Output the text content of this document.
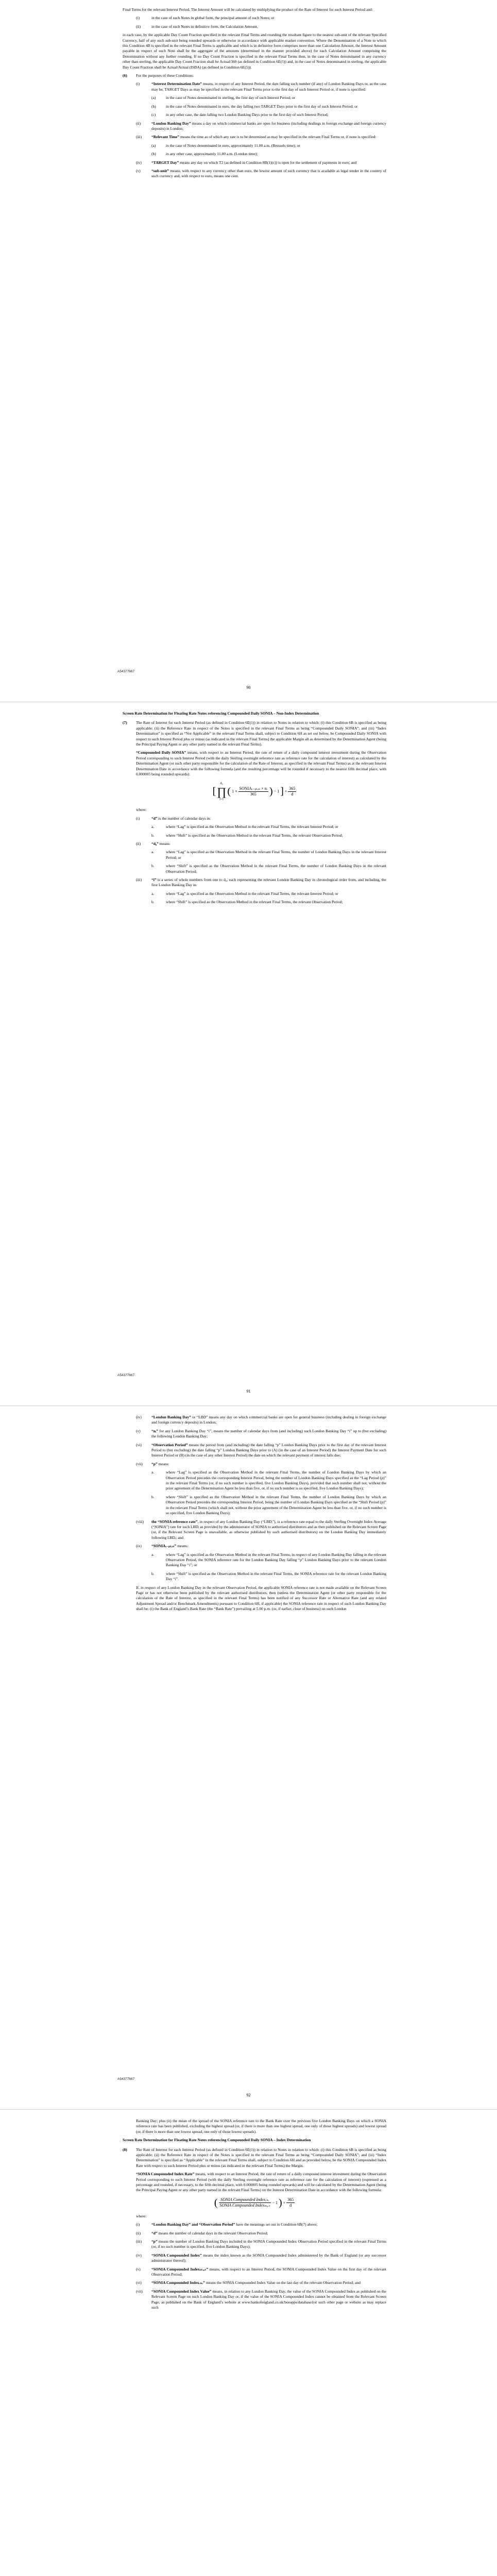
Final Terms for the relevant Interest Period. The Interest Amount will be calculated by multiplying the product of the Rate of Interest for such Interest Period and:

(i)	in the case of such Notes in global form, the principal amount of such Notes; or
(ii)	in the case of such Notes in definitive form, the Calculation Amount,

in each case, by the applicable Day Count Fraction specified in the relevant Final Terms and rounding the resultant figure to the nearest sub-unit of the relevant Specified Currency, half of any such sub-unit being rounded upwards or otherwise in accordance with applicable market convention. Where the Denomination of a Note to which this Condition 4B is specified in the relevant Final Terms is applicable and which is in definitive form comprises more than one Calculation Amount, the Interest Amount payable in respect of such Note shall be the aggregate of the amounts (determined in the manner provided above) for each Calculation Amount comprising the Denomination without any further rounding. If no Day Count Fraction is specified in the relevant Final Terms then, in the case of Notes denominated in any currency other than sterling, the applicable Day Count Fraction shall be Actual/360 (as defined in Condition 6E(5)) and, in the case of Notes denominated in sterling, the applicable Day Count Fraction shall be Actual/Actual (ISDA) (as defined in Condition 6E(5)).

(6)	For the purposes of these Conditions:
(i)	“Interest Determination Date” means, in respect of any Interest Period, the date falling such number (if any) of London Banking Days or, as the case may be, TARGET Days as may be specified in the relevant Final Terms prior to the first day of such Interest Period or, if none is specified:
(a)	in the case of Notes denominated in sterling, the first day of such Interest Period; or
(b)	in the case of Notes denominated in euro, the day falling two TARGET Days prior to the first day of such Interest Period; or
(c)	in any other case, the date falling two London Banking Days prior to the first day of such Interest Period;
(ii)	“London Banking Day” means a day on which commercial banks are open for business (including dealings in foreign exchange and foreign currency deposits) in London;
(iii)	“Relevant Time” means the time as of which any rate is to be determined as may be specified in the relevant Final Terms or, if none is specified:
(a)	in the case of Notes denominated in euro, approximately 11.00 a.m. (Brussels time); or
(b)	in any other case, approximately 11.00 a.m. (London time);
(iv)	“TARGET Day” means any day on which T2 (as defined in Condition 8B(1)(c)) is open for the settlement of payments in euro; and
(v)	“sub-unit” means, with respect to any currency other than euro, the lowest amount of such currency that is available as legal tender in the country of such currency and, with respect to euro, means one cent.
A54377667
90

Screen Rate Determination for Floating Rate Notes referencing Compounded Daily SONIA – Non-Index Determination

(7)	The Rate of Interest for each Interest Period (as defined in Condition 6E(1)) in relation to Notes in relation to which: (i) this Condition 6B is specified as being applicable; (ii) the Reference Rate in respect of the Notes is specified in the relevant Final Terms as being “Compounded Daily SONIA”; and (iii) “Index Determination” is specified as “Not Applicable” in the relevant Final Terms shall, subject to Condition 6H as set out below, be Compounded Daily SONIA with respect to such Interest Period plus or minus (as indicated in the relevant Final Terms) the applicable Margin all as determined by the Determination Agent (being the Principal Paying Agent or any other party named in the relevant Final Terms).

“Compounded Daily SONIA” means, with respect to an Interest Period, the rate of return of a daily compound interest investment during the Observation Period corresponding to such Interest Period (with the daily Sterling overnight reference rate as reference rate for the calculation of interest) as calculated by the Determination Agent (or such other party responsible for the calculation of the Rate of Interest, as specified in the relevant Final Terms) as at the relevant Interest Determination Date in accordance with the following formula (and the resulting percentage will be rounded if necessary to the nearest fifth decimal place, with 0.000005 being rounded upwards):

[ d₀
∏
i=1 ( $1 + \frac{\text{SONIAᵢ₋ₚₗₑₙ × nᵢ}}{365}$ ) − 1 ] × $\frac{365}{d}$

where:

(i)	“d” is the number of calendar days in:
a.	where “Lag” is specified as the Observation Method in the relevant Final Terms, the relevant Interest Period; or
b.	where “Shift” is specified as the Observation Method in the relevant Final Terms, the relevant Observation Period;
(ii)	“d₀” means:
a.	where “Lag” is specified as the Observation Method in the relevant Final Terms, the number of London Banking Days in the relevant Interest Period; or
b.	where “Shift” is specified as the Observation Method in the relevant Final Terms, the number of London Banking Days in the relevant Observation Period;
(iii)	“i” is a series of whole numbers from one to d₀, each representing the relevant London Banking Day in chronological order from, and including, the first London Banking Day in:
a.	where “Lag” is specified as the Observation Method in the relevant Final Terms, the relevant Interest Period; or
b.	where “Shift” is specified as the Observation Method in the relevant Final Terms, the relevant Observation Period;
A54377667
91
(iv)	“London Banking Day” or “LBD” means any day on which commercial banks are open for general business (including dealing in foreign exchange and foreign currency deposits) in London;
(v)	“nᵢ” for any London Banking Day “i”, means the number of calendar days from (and including) such London Banking Day “i” up to (but excluding) the following London Banking Day;
(vi)	“Observation Period” means the period from (and including) the date falling “p” London Banking Days prior to the first day of the relevant Interest Period to (but excluding) the date falling “p” London Banking Days prior to (A) (in the case of an Interest Period) the Interest Payment Date for such Interest Period or (B) (in the case of any other Interest Period) the date on which the relevant payment of interest falls due;
(vii)	“p” means:
a.	where “Lag” is specified as the Observation Method in the relevant Final Terms, the number of London Banking Days by which an Observation Period precedes the corresponding Interest Period, being the number of London Banking Days specified as the “Lag Period (p)” in the relevant Final Terms (or, if no such number is specified, five London Banking Days), provided that such number shall not, without the prior agreement of the Determination Agent be less than five, or, if no such number is so specified, five London Banking Days);
b.	where “Shift” is specified as the Observation Method in the relevant Final Terms, the number of London Banking Days by which an Observation Period precedes the corresponding Interest Period, being the number of London Banking Days specified as the “Shift Period (p)” in the relevant Final Terms (which shall not, without the prior agreement of the Determination Agent be less than five, or, if no such number is so specified, five London Banking Days);
(viii)	the “SONIA reference rate”, in respect of any London Banking Day (“LBDᵢ”), is a reference rate equal to the daily Sterling Overnight Index Average (“SONIA”) rate for such LBDᵢ as provided by the administrator of SONIA to authorised distributors and as then published on the Relevant Screen Page (or, if the Relevant Screen Page is unavailable, as otherwise published by such authorised distributors) on the London Banking Day immediately following LBDᵢ; and
(ix)	“SONIAᵢ₋ₚₗₑₙ” means:
a.	where “Lag” is specified as the Observation Method in the relevant Final Terms, in respect of any London Banking Day falling in the relevant Observation Period, the SONIA reference rate for the London Banking Day falling “p” London Banking Days prior to the relevant London Banking Day “i”; or
b.	where “Shift” is specified as the Observation Method in the relevant Final Terms, the SONIA reference rate for the relevant London Banking Day “i”.

If, in respect of any London Banking Day in the relevant Observation Period, the applicable SONIA reference rate is not made available on the Relevant Screen Page or has not otherwise been published by the relevant authorised distributors, then (unless the Determination Agent (or other party responsible for the calculation of the Rate of Interest, as specified in the relevant Final Terms) has been notified of any Successor Rate or Alternative Rate (and any related Adjustment Spread and/or Benchmark Amendments) pursuant to Condition 6H, if applicable) the SONIA reference rate in respect of such London Banking Day shall be: (i) the Bank of England’s Bank Rate (the “Bank Rate”) prevailing at 5.00 p.m. (or, if earlier, close of business) on such London

A54377667
92

Banking Day; plus (ii) the mean of the spread of the SONIA reference rate to the Bank Rate over the previous five London Banking Days on which a SONIA reference rate has been published, excluding the highest spread (or, if there is more than one highest spread, one only of those highest spreads) and lowest spread (or, if there is more than one lowest spread, one only of those lowest spreads).

Screen Rate Determination for Floating Rate Notes referencing Compounded Daily SONIA – Index Determination

(8)	The Rate of Interest for each Interest Period (as defined in Condition 6E(1)) in relation to Notes in relation to which: (i) this Condition 6B is specified as being applicable; (ii) the Reference Rate in respect of the Notes is specified in the relevant Final Terms as being “Compounded Daily SONIA”; and (iii) “Index Determination” is specified as “Applicable” in the relevant Final Terms shall, subject to Condition 6H and as provided below, be the SONIA Compounded Index Rate with respect to such Interest Period plus or minus (as indicated in the relevant Final Terms) the Margin.

“SONIA Compounded Index Rate” means, with respect to an Interest Period, the rate of return of a daily compound interest investment during the Observation Period corresponding to such Interest Period (with the daily Sterling overnight reference rate as reference rate for the calculation of interest) (expressed as a percentage and rounded, if necessary, to the fifth decimal place, with 0.000005 being rounded upwards) and will be calculated by the Determination Agent (being the Principal Paying Agent or any other party named in the relevant Final Terms) on the Interest Determination Date in accordance with the following formula:

( $\frac{\text{SONIA Compounded Indexₑₙₑ}}{\text{SONIA Compounded Indexₛₜₐᵣₜ}} - 1$ ) × $\frac{365}{d}$

where:

(i)	“London Banking Day” and “Observation Period” have the meanings set out in Condition 6B(7) above;
(ii)	“d” means the number of calendar days in the relevant Observation Period;
(iii)	“p” means the number of London Banking Days included in the SONIA Compounded Index Observation Period specified in the relevant Final Terms (or, if no such number is specified, five London Banking Days);
(iv)	“SONIA Compounded Index” means the index known as the SONIA Compounded Index administered by the Bank of England (or any successor administrator thereof);
(v)	“SONIA Compounded Indexₛₜₐᵣₜ” means, with respect to an Interest Period, the SONIA Compounded Index Value on the first day of the relevant Observation Period;
(vi)	“SONIA Compounded Indexₑₙₑ” means the SONIA Compounded Index Value on the last day of the relevant Observation Period; and
(vii)	“SONIA Compounded Index Value” means, in relation to any London Banking Day, the value of the SONIA Compounded Index as published on the Relevant Screen Page on such London Banking Day or, if the value of the SONIA Compounded Index cannot be obtained from the Relevant Screen Page, as published on the Bank of England’s website at www.bankofengland.co.uk/boeapps/database/(or such other page or website as may replace such
